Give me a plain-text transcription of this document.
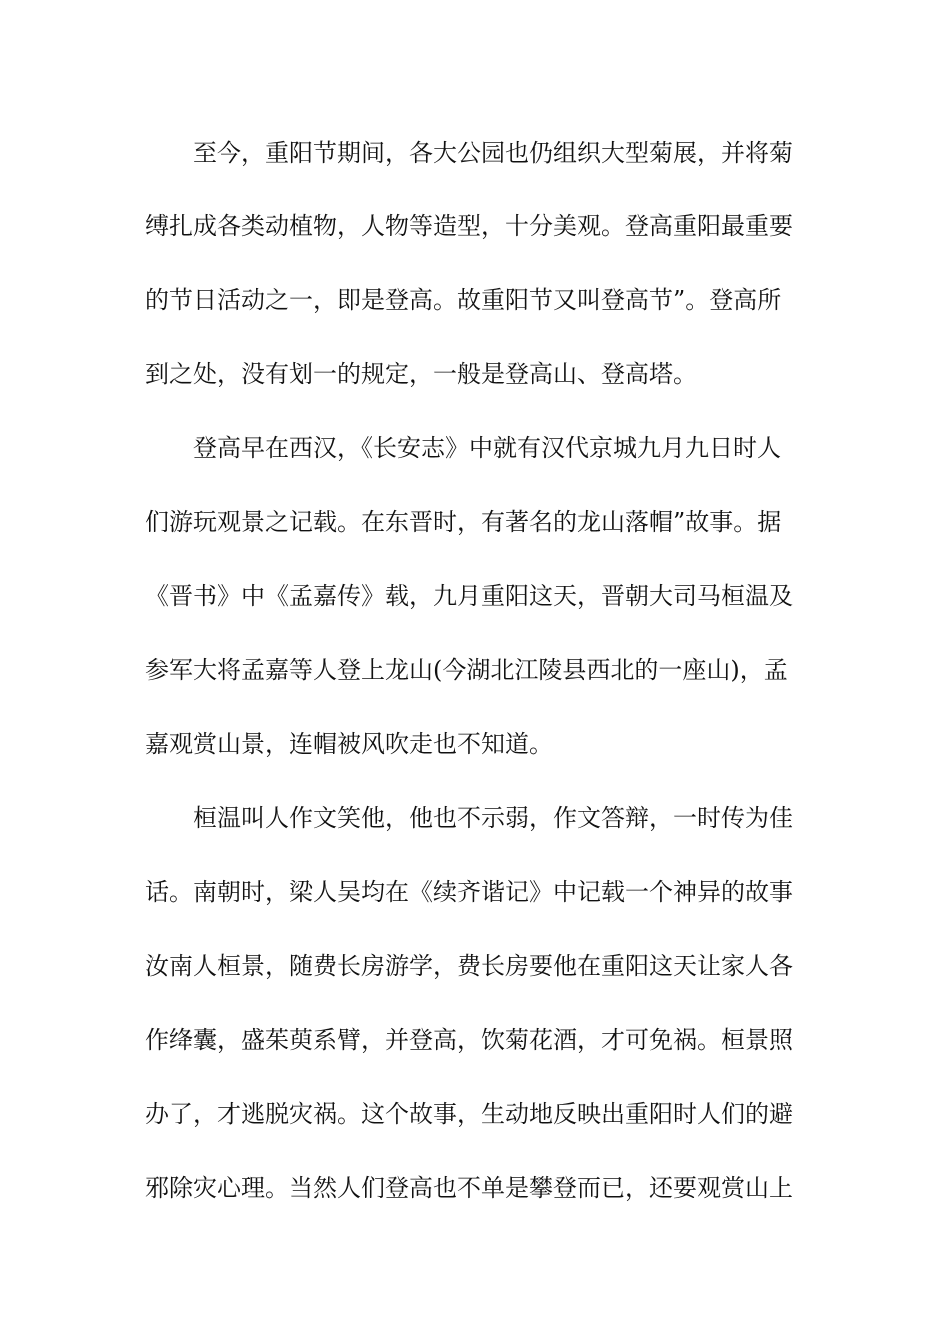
至今，重阳节期间，各大公园也仍组织大型菊展，并将菊

缚扎成各类动植物，人物等造型，十分美观。登高重阳最重要

的节日活动之一，即是登高。故重阳节又叫登高节”。登高所

到之处，没有划一的规定，一般是登高山、登高塔。

登高早在西汉，《长安志》中就有汉代京城九月九日时人

们游玩观景之记载。在东晋时，有著名的龙山落帽”故事。据

《晋书》中《孟嘉传》载，九月重阳这天，晋朝大司马桓温及

参军大将孟嘉等人登上龙山(今湖北江陵县西北的一座山)，孟

嘉观赏山景，连帽被风吹走也不知道。

桓温叫人作文笑他，他也不示弱，作文答辩，一时传为佳

话。南朝时，梁人吴均在《续齐谐记》中记载一个神异的故事

汝南人桓景，随费长房游学，费长房要他在重阳这天让家人各

作绛囊，盛茱萸系臂，并登高，饮菊花酒，才可免祸。桓景照

办了，才逃脱灾祸。这个故事，生动地反映出重阳时人们的避

邪除灾心理。当然人们登高也不单是攀登而已，还要观赏山上
